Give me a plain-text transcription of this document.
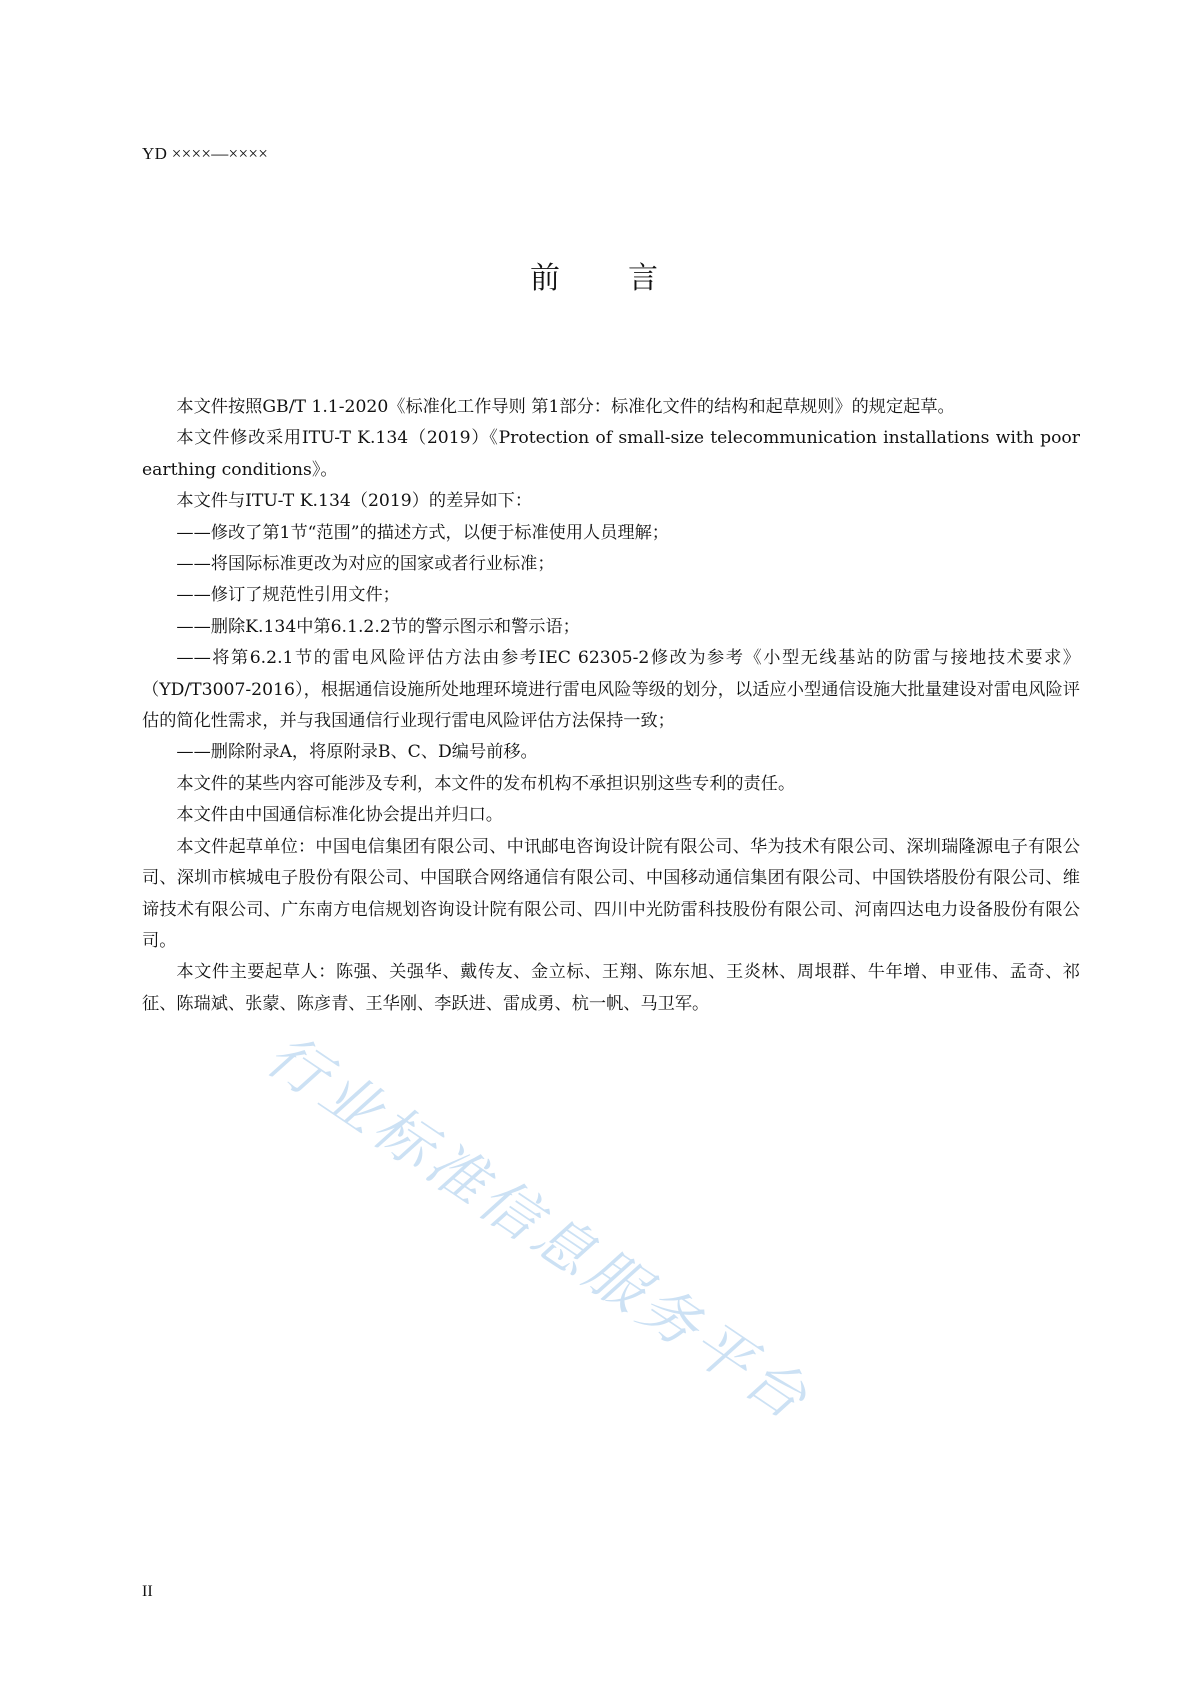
YD ××××—××××
前 言

本文件按照GB/T 1.1-2020《标准化工作导则 第1部分：标准化文件的结构和起草规则》的规定起草。

本文件修改采用ITU-T K.134（2019）《Protection of small-size telecommunication installations with poor earthing conditions》。

本文件与ITU-T K.134（2019）的差异如下：

——修改了第1节“范围”的描述方式，以便于标准使用人员理解；

——将国际标准更改为对应的国家或者行业标准；

——修订了规范性引用文件；

——删除K.134中第6.1.2.2节的警示图示和警示语；

——将第6.2.1节的雷电风险评估方法由参考IEC 62305-2修改为参考《小型无线基站的防雷与接地技术要求》（YD/T3007-2016），根据通信设施所处地理环境进行雷电风险等级的划分，以适应小型通信设施大批量建设对雷电风险评估的简化性需求，并与我国通信行业现行雷电风险评估方法保持一致；

——删除附录A，将原附录B、C、D编号前移。

本文件的某些内容可能涉及专利，本文件的发布机构不承担识别这些专利的责任。

本文件由中国通信标准化协会提出并归口。

本文件起草单位：中国电信集团有限公司、中讯邮电咨询设计院有限公司、华为技术有限公司、深圳瑞隆源电子有限公司、深圳市槟城电子股份有限公司、中国联合网络通信有限公司、中国移动通信集团有限公司、中国铁塔股份有限公司、维谛技术有限公司、广东南方电信规划咨询设计院有限公司、四川中光防雷科技股份有限公司、河南四达电力设备股份有限公司。

本文件主要起草人：陈强、关强华、戴传友、金立标、王翔、陈东旭、王炎林、周垠群、牛年增、申亚伟、孟奇、祁征、陈瑞斌、张蒙、陈彦青、王华刚、李跃进、雷成勇、杭一帆、马卫军。

行业标准信息服务平台
II
